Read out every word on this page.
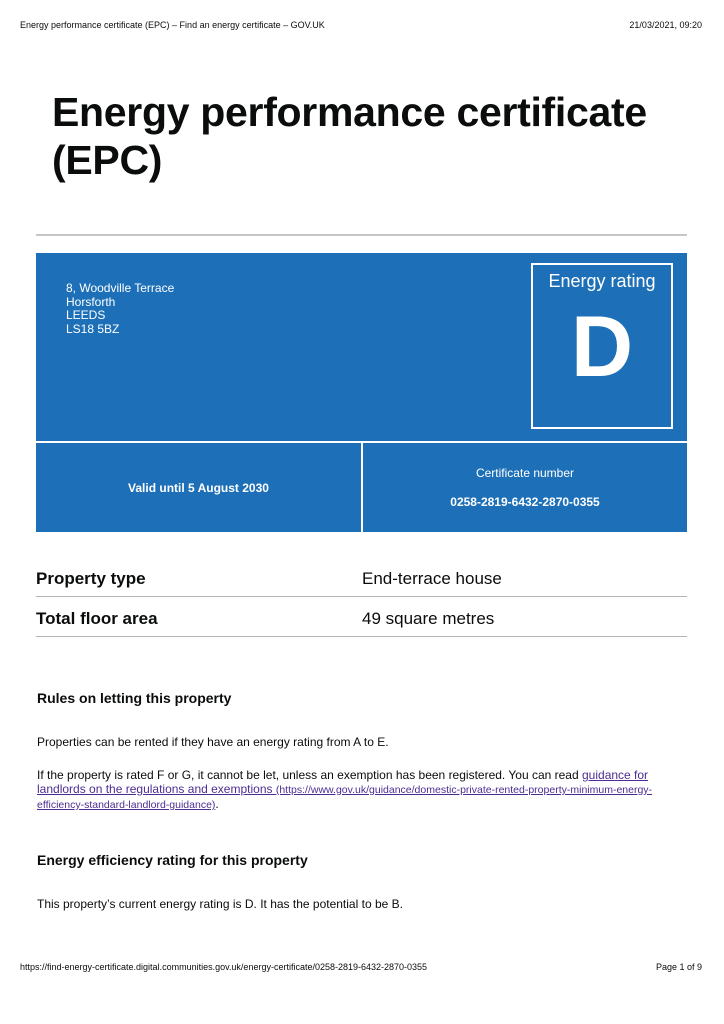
Energy performance certificate (EPC) – Find an energy certificate – GOV.UK	21/03/2021, 09:20
Energy performance certificate (EPC)
8, Woodville Terrace
Horsforth
LEEDS
LS18 5BZ
Energy rating
D
Valid until 5 August 2030
Certificate number
0258-2819-6432-2870-0355
Property type	End-terrace house
Total floor area	49 square metres
Rules on letting this property

Properties can be rented if they have an energy rating from A to E.

If the property is rated F or G, it cannot be let, unless an exemption has been registered. You can read guidance for landlords on the regulations and exemptions (https://www.gov.uk/guidance/domestic-private-rented-property-minimum-energy-efficiency-standard-landlord-guidance).

Energy efficiency rating for this property

This property’s current energy rating is D. It has the potential to be B.

https://find-energy-certificate.digital.communities.gov.uk/energy-certificate/0258-2819-6432-2870-0355	Page 1 of 9
